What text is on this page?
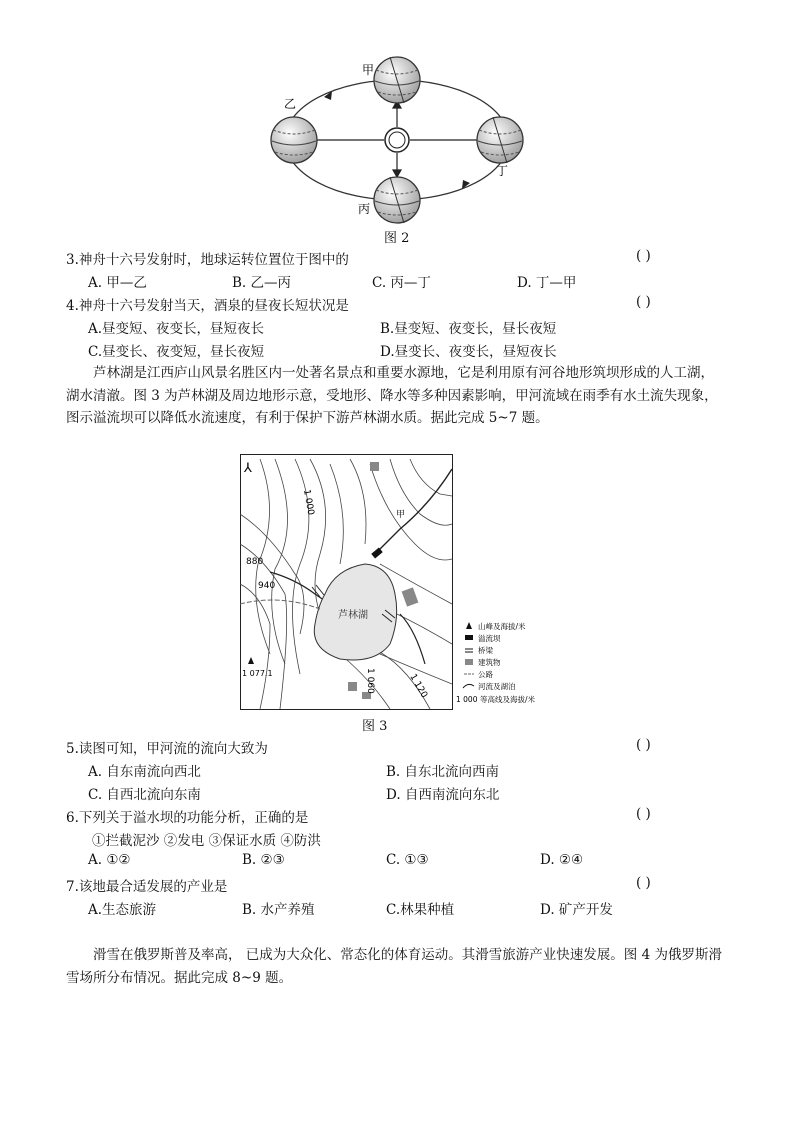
甲
乙
丙
丁
图 2
3.神舟十六号发射时，地球运转位置位于图中的	( )
A. 甲—乙	B. 乙—丙	C. 丙—丁	D. 丁—甲
4.神舟十六号发射当天，酒泉的昼夜长短状况是	( )
A.昼变短、夜变长，昼短夜长	B.昼变短、夜变长，昼长夜短
C.昼变长、夜变短，昼长夜短	D.昼变长、夜变长，昼短夜长
芦林湖是江西庐山风景名胜区内一处著名景点和重要水源地，它是利用原有河谷地形筑坝形成的人工湖，湖水清澈。图 3 为芦林湖及周边地形示意，受地形、降水等多种因素影响，甲河流域在雨季有水土流失现象，图示溢流坝可以降低水流速度，有利于保护下游芦林湖水质。据此完成 5~7 题。
⅄
芦林湖
1 077.1
1 000
880
940
1 060	1 120
甲
山峰及海拔/米
溢流坝
桥梁
建筑物
公路
河流及湖泊
1 000 等高线及海拔/米
图 3
5.读图可知，甲河流的流向大致为	( )
A. 自东南流向西北	B. 自东北流向西南
C. 自西北流向东南	D. 自西南流向东北
6.下列关于溢水坝的功能分析，正确的是	( )
①拦截泥沙 ②发电 ③保证水质 ④防洪
A. ①②	B. ②③	C. ①③	D. ②④
7.该地最合适发展的产业是	( )
A.生态旅游	B. 水产养殖	C.林果种植	D. 矿产开发
滑雪在俄罗斯普及率高， 已成为大众化、常态化的体育运动。其滑雪旅游产业快速发展。图 4 为俄罗斯滑雪场所分布情况。据此完成 8~9 题。
